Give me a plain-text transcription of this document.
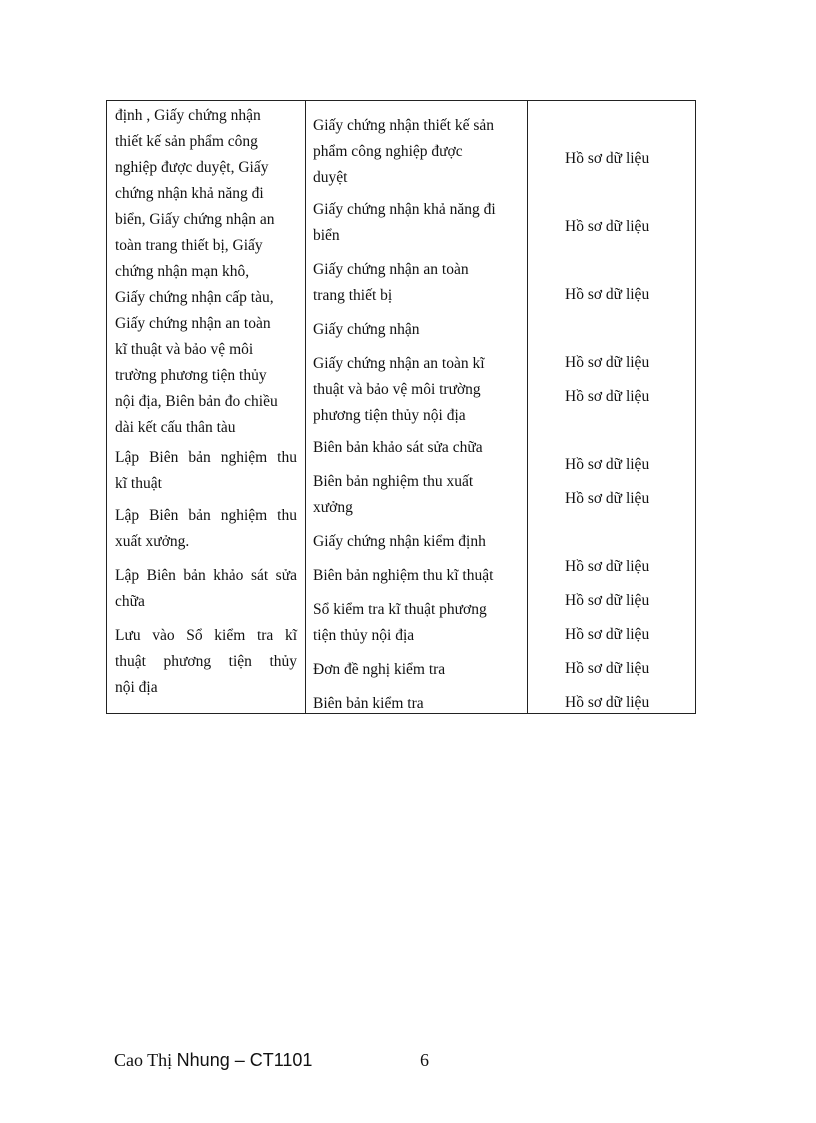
định , Giấy chứng nhận
thiết kế sản phẩm công
nghiệp được duyệt, Giấy
chứng nhận khả năng đi
biển, Giấy chứng nhận an
toàn trang thiết bị, Giấy
chứng nhận mạn khô,
Giấy chứng nhận cấp tàu,
Giấy chứng nhận an toàn
kĩ thuật và bảo vệ môi
trường phương tiện thủy
nội địa, Biên bản đo chiều
dài kết cấu thân tàu
Lập Biên bản nghiệm thu
kĩ thuật
Lập Biên bản nghiệm thu
xuất xưởng.
Lập Biên bản khảo sát sửa
chữa
Lưu vào Sổ kiểm tra kĩ
thuật phương tiện thủy
nội địa
Giấy chứng nhận thiết kế sản
phẩm công nghiệp được
duyệt
Giấy chứng nhận khả năng đi
biển
Giấy chứng nhận an toàn
trang thiết bị
Giấy chứng nhận
Giấy chứng nhận an toàn kĩ
thuật và bảo vệ môi trường
phương tiện thủy nội địa
Biên bản khảo sát sửa chữa
Biên bản nghiệm thu xuất
xưởng
Giấy chứng nhận kiểm định
Biên bản nghiệm thu kĩ thuật
Sổ kiểm tra kĩ thuật phương
tiện thủy nội địa
Đơn đề nghị kiểm tra
Biên bản kiểm tra
Hồ sơ dữ liệu
Hồ sơ dữ liệu
Hồ sơ dữ liệu
Hồ sơ dữ liệu
Hồ sơ dữ liệu
Hồ sơ dữ liệu
Hồ sơ dữ liệu
Hồ sơ dữ liệu
Hồ sơ dữ liệu
Hồ sơ dữ liệu
Hồ sơ dữ liệu
Hồ sơ dữ liệu
Cao Thị Nhung – CT1101	6
